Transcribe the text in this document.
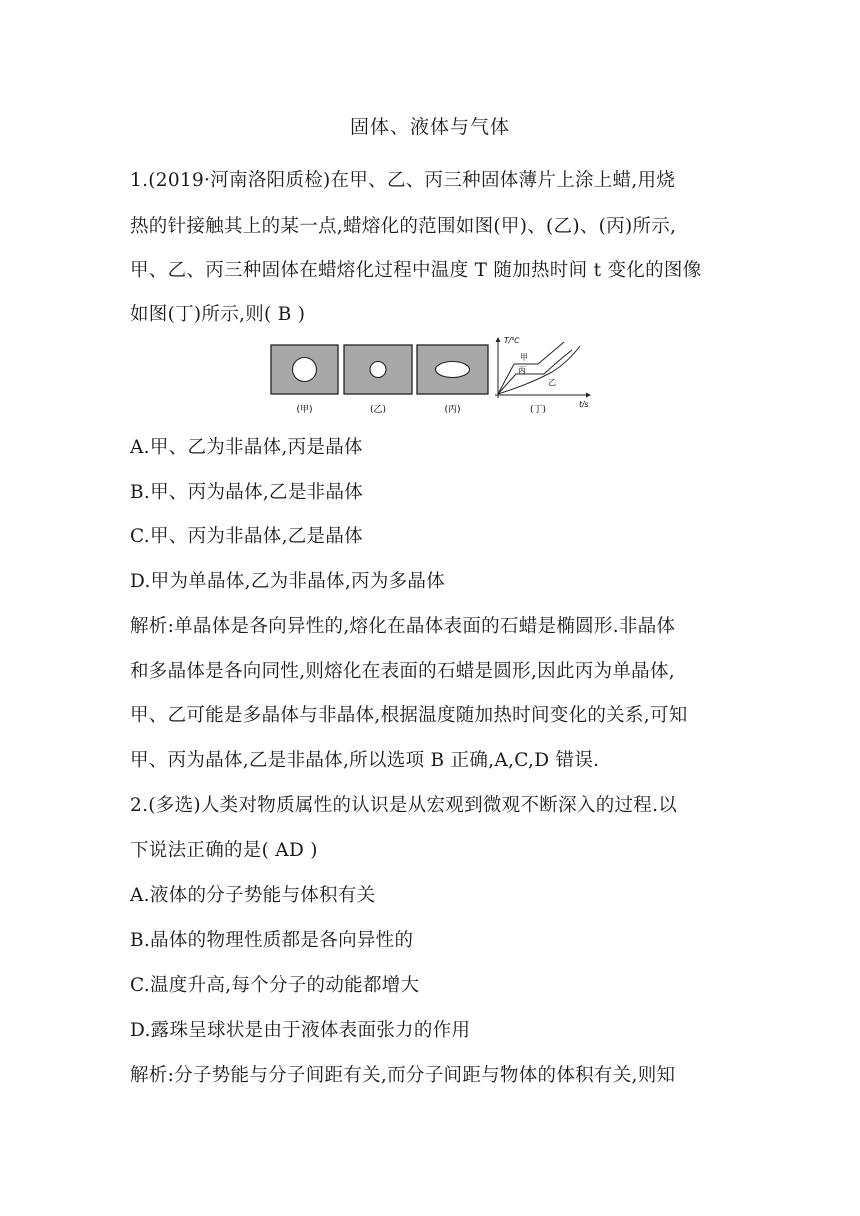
固体、液体与气体
1.(2019·河南洛阳质检)在甲、乙、丙三种固体薄片上涂上蜡,用烧
热的针接触其上的某一点,蜡熔化的范围如图(甲)、(乙)、(丙)所示,
甲、乙、丙三种固体在蜡熔化过程中温度 T 随加热时间 t 变化的图像
如图(丁)所示,则( B )
(甲)	(乙)	(丙)
T/℃
t/s
甲
丙
乙
(丁)
A.甲、乙为非晶体,丙是晶体
B.甲、丙为晶体,乙是非晶体
C.甲、丙为非晶体,乙是晶体
D.甲为单晶体,乙为非晶体,丙为多晶体
解析:单晶体是各向异性的,熔化在晶体表面的石蜡是椭圆形.非晶体
和多晶体是各向同性,则熔化在表面的石蜡是圆形,因此丙为单晶体,
甲、乙可能是多晶体与非晶体,根据温度随加热时间变化的关系,可知
甲、丙为晶体,乙是非晶体,所以选项 B 正确,A,C,D 错误.
2.(多选)人类对物质属性的认识是从宏观到微观不断深入的过程.以
下说法正确的是( AD )
A.液体的分子势能与体积有关
B.晶体的物理性质都是各向异性的
C.温度升高,每个分子的动能都增大
D.露珠呈球状是由于液体表面张力的作用
解析:分子势能与分子间距有关,而分子间距与物体的体积有关,则知
